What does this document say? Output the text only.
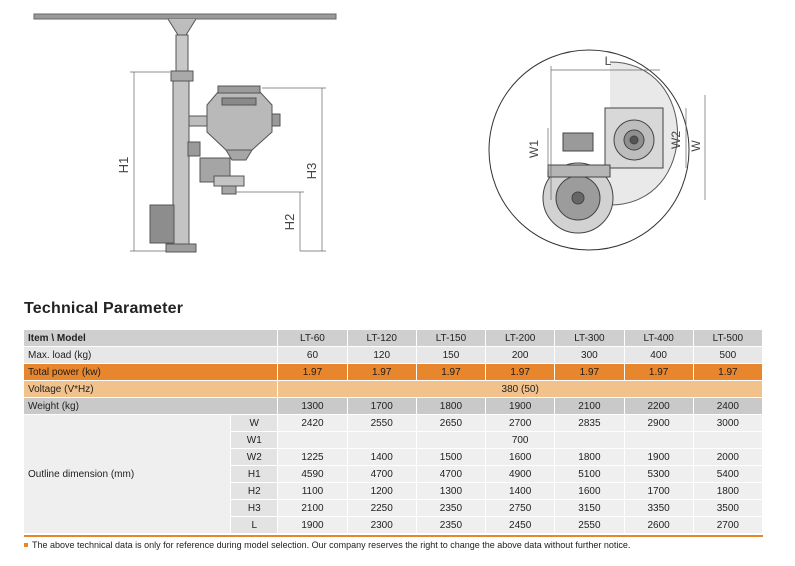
H1	H3
H2
L
W1	W2 W
Technical Parameter
Item \ Model		LT-60	LT-120	LT-150	LT-200	LT-300	LT-400	LT-500
Max. load (kg)		60	120	150	200	300	400	500
Total power (kw)		1.97	1.97	1.97	1.97	1.97	1.97	1.97
Voltage (V*Hz)		380 (50)						
Weight (kg)		1300	1700	1800	1900	2100	2200	2400
Outline dimension (mm)	W	2420	2550	2650	2700	2835	2900	3000
	W1				700			
	W2	1225	1400	1500	1600	1800	1900	2000
	H1	4590	4700	4700	4900	5100	5300	5400
	H2	1100	1200	1300	1400	1600	1700	1800
	H3	2100	2250	2350	2750	3150	3350	3500
	L	1900	2300	2350	2450	2550	2600	2700
The above technical data is only for reference during model selection. Our company reserves the right to change the above data without further notice.
